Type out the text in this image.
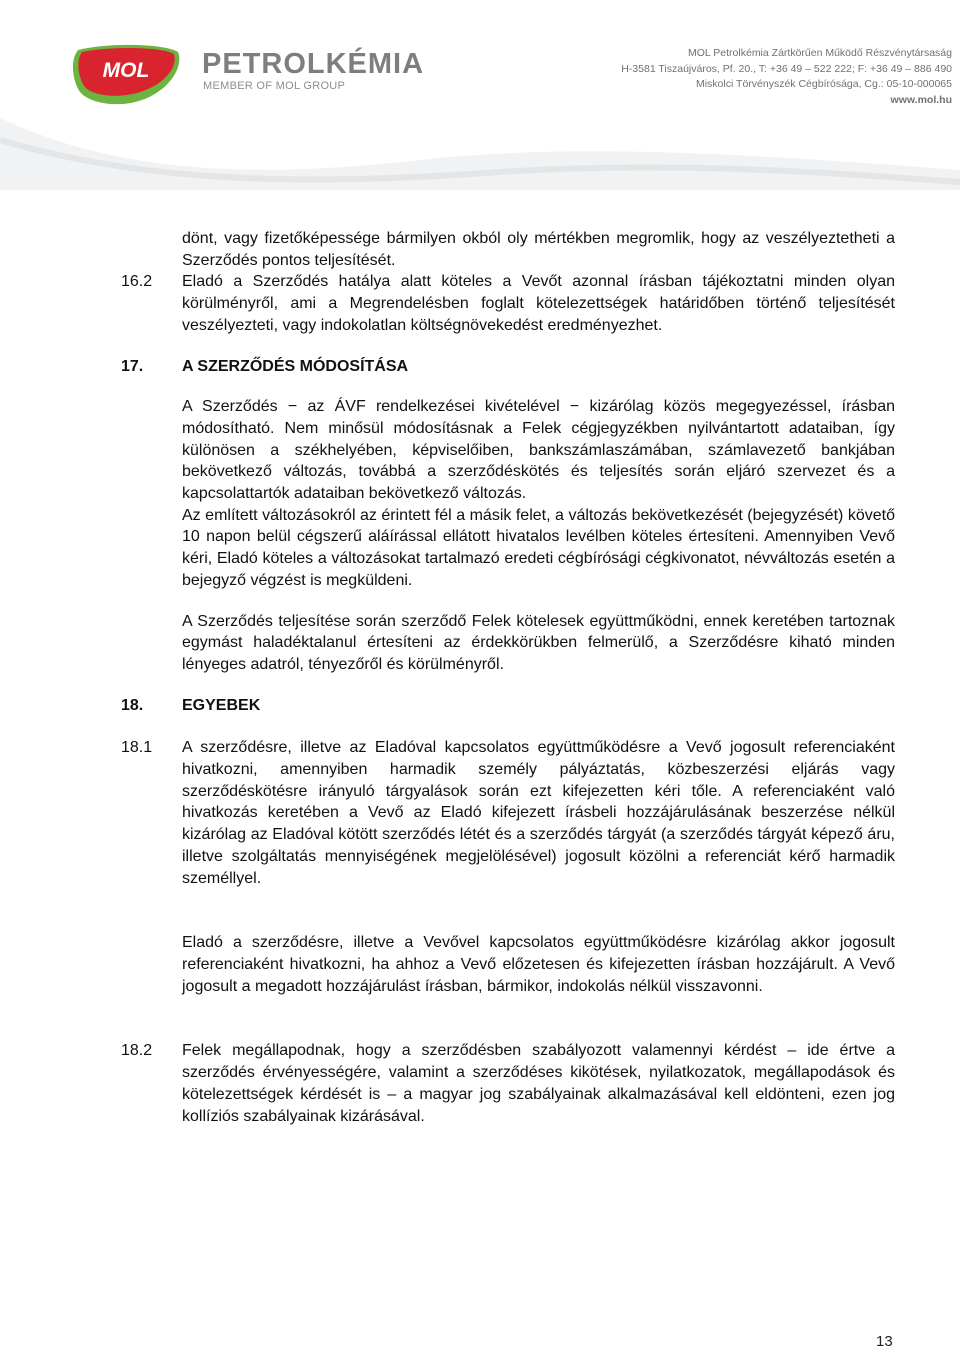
MOL PETROLKÉMIA
MEMBER OF MOL GROUP
MOL Petrolkémia Zártkörűen Működő Részvénytársaság
H-3581 Tiszaújváros, Pf. 20., T: +36 49 – 522 222; F: +36 49 – 886 490
Miskolci Törvényszék Cégbírósága, Cg.: 05-10-000065
www.mol.hu
dönt, vagy fizetőképessége bármilyen okból oly mértékben megromlik, hogy az veszélyeztetheti a Szerződés pontos teljesítését.
16.2	Eladó a Szerződés hatálya alatt köteles a Vevőt azonnal írásban tájékoztatni minden olyan körülményről, ami a Megrendelésben foglalt kötelezettségek határidőben történő teljesítését veszélyezteti, vagy indokolatlan költségnövekedést eredményezhet.
17.	A SZERZŐDÉS MÓDOSÍTÁSA
A Szerződés − az ÁVF rendelkezései kivételével − kizárólag közös megegyezéssel, írásban módosítható. Nem minősül módosításnak a Felek cégjegyzékben nyilvántartott adataiban, így különösen a székhelyében, képviselőiben, bankszámlaszámában, számlavezető bankjában bekövetkező változás, továbbá a szerződéskötés és teljesítés során eljáró szervezet és a kapcsolattartók adataiban bekövetkező változás.
Az említett változásokról az érintett fél a másik felet, a változás bekövetkezését (bejegyzését) követő 10 napon belül cégszerű aláírással ellátott hivatalos levélben köteles értesíteni. Amennyiben Vevő kéri, Eladó köteles a változásokat tartalmazó eredeti cégbírósági cégkivonatot, névváltozás esetén a bejegyző végzést is megküldeni.
A Szerződés teljesítése során szerződő Felek kötelesek együttműködni, ennek keretében tartoznak egymást haladéktalanul értesíteni az érdekkörükben felmerülő, a Szerződésre kiható minden lényeges adatról, tényezőről és körülményről.
18.	EGYEBEK
18.1	A szerződésre, illetve az Eladóval kapcsolatos együttműködésre a Vevő jogosult referenciaként hivatkozni, amennyiben harmadik személy pályáztatás, közbeszerzési eljárás vagy szerződéskötésre irányuló tárgyalások során ezt kifejezetten kéri tőle. A referenciaként való hivatkozás keretében a Vevő az Eladó kifejezett írásbeli hozzájárulásának beszerzése nélkül kizárólag az Eladóval kötött szerződés létét és a szerződés tárgyát (a szerződés tárgyát képező áru, illetve szolgáltatás mennyiségének megjelölésével) jogosult közölni a referenciát kérő harmadik személlyel.
Eladó a szerződésre, illetve a Vevővel kapcsolatos együttműködésre kizárólag akkor jogosult referenciaként hivatkozni, ha ahhoz a Vevő előzetesen és kifejezetten írásban hozzájárult. A Vevő jogosult a megadott hozzájárulást írásban, bármikor, indokolás nélkül visszavonni.
18.2	Felek megállapodnak, hogy a szerződésben szabályozott valamennyi kérdést – ide értve a szerződés érvényességére, valamint a szerződéses kikötések, nyilatkozatok, megállapodások és kötelezettségek kérdését is – a magyar jog szabályainak alkalmazásával kell eldönteni, ezen jog kollíziós szabályainak kizárásával.
13
